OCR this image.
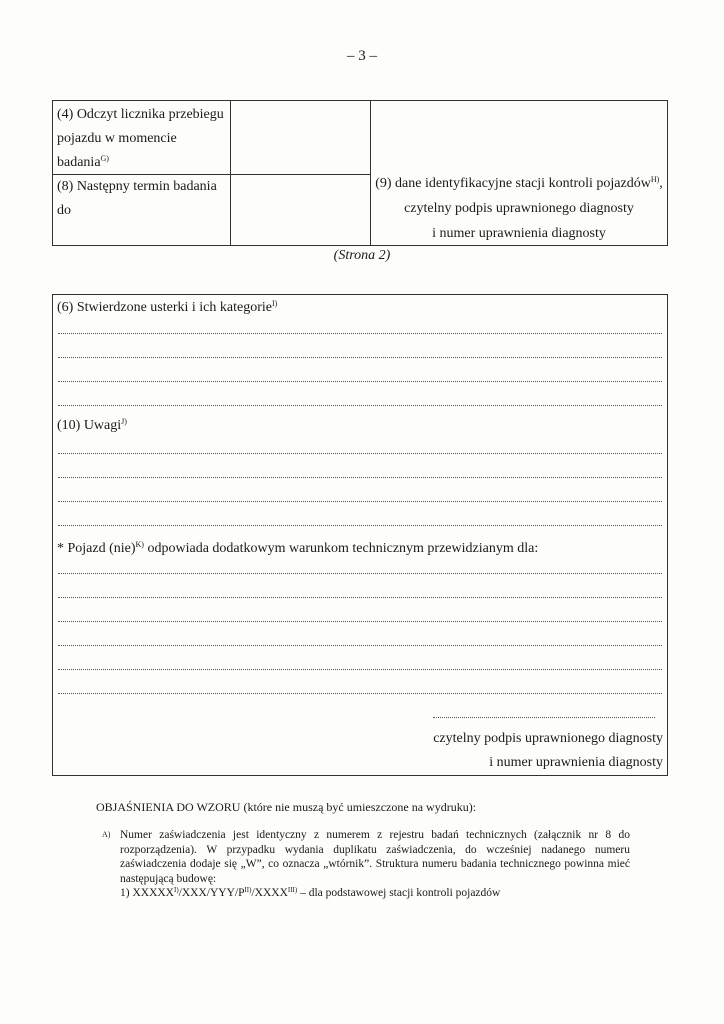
– 3 –
(4) Odczyt licznika przebiegu
pojazdu w momencie
badania$^{G)}$
(8) Następny termin badania
do
(9) dane identyfikacyjne stacji kontroli pojazdów$^{H)}$,
czytelny podpis uprawnionego diagnosty
i numer uprawnienia diagnosty
(Strona 2)
(6) Stwierdzone usterki i ich kategorie$^{I)}$
(10) Uwagi$^{J)}$
* Pojazd (nie)$^{K)}$ odpowiada dodatkowym warunkom technicznym przewidzianym dla:
czytelny podpis uprawnionego diagnosty
i numer uprawnienia diagnosty
OBJAŚNIENIA DO WZORU (które nie muszą być umieszczone na wydruku):
A) Numer zaświadczenia jest identyczny z numerem z rejestru badań technicznych (załącznik nr 8 do rozporządzenia). W przypadku wydania duplikatu zaświadczenia, do wcześniej nadanego numeru zaświadczenia dodaje się „W”, co oznacza „wtórnik”. Struktura numeru badania technicznego powinna mieć następującą budowę:
1) $XXXXX^{I)}/XXX/YYY/P^{II)}/XXXX^{III)}$ – dla podstawowej stacji kontroli pojazdów
